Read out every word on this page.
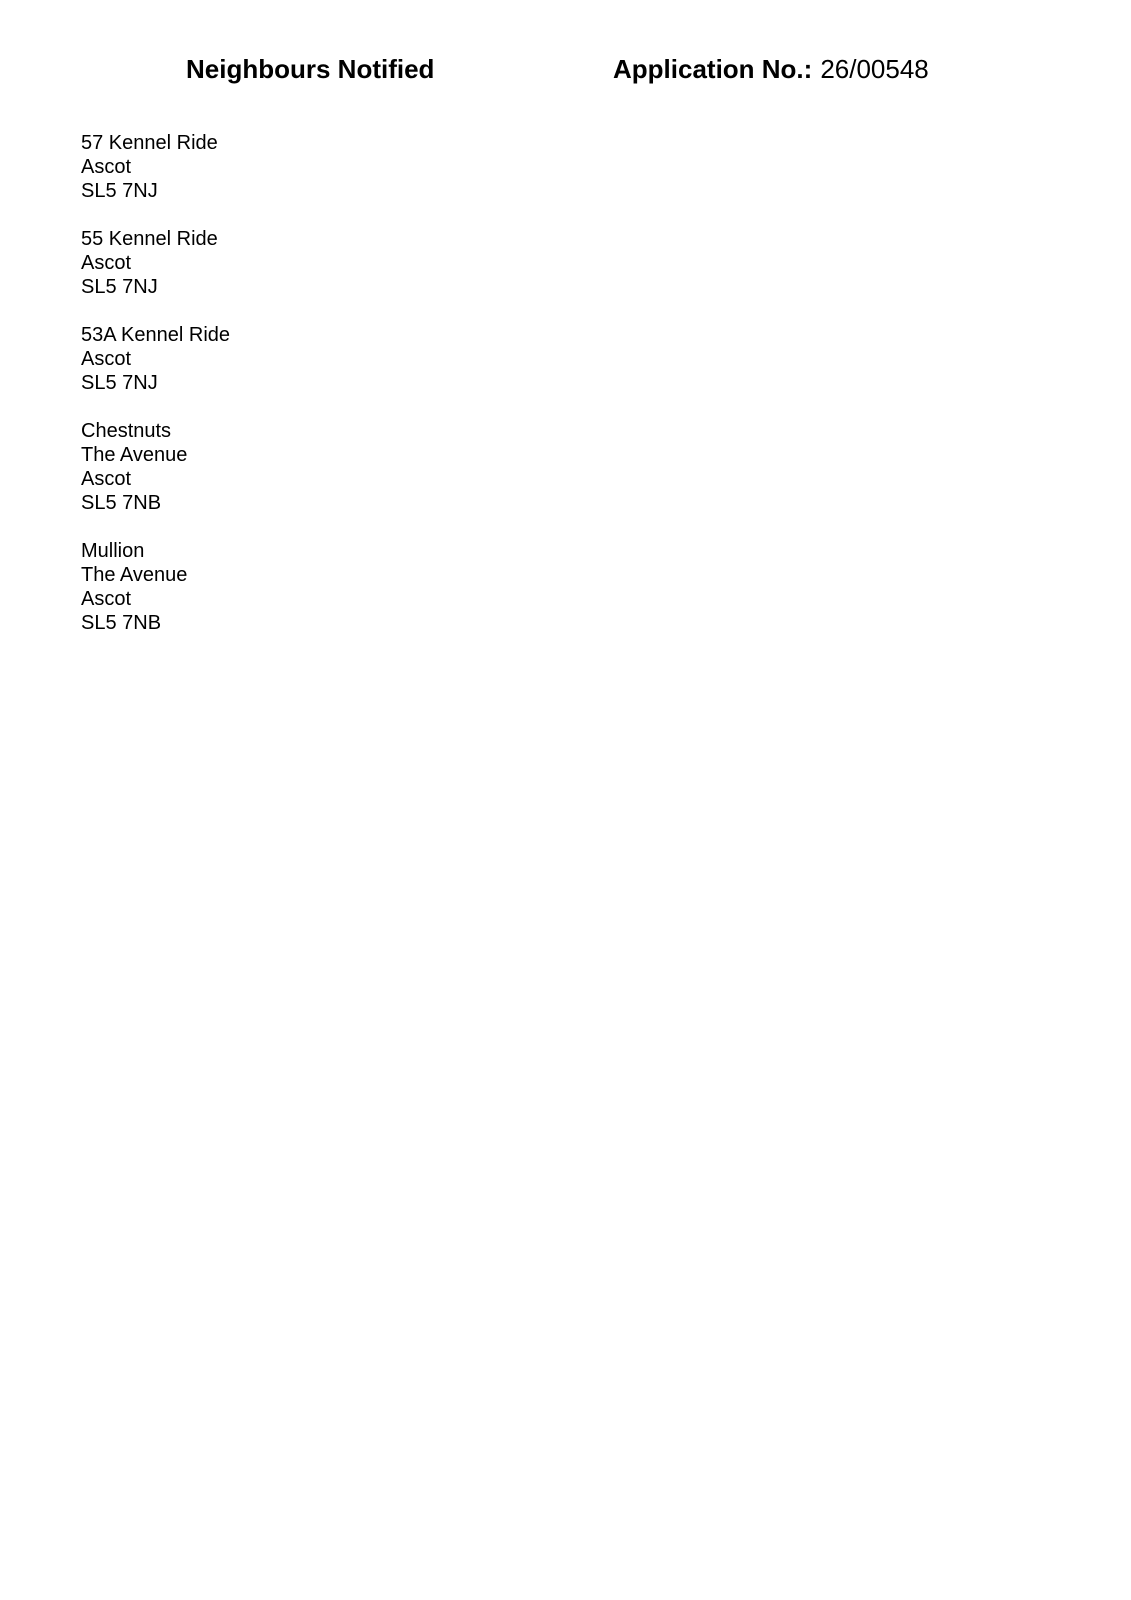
Neighbours Notified	Application No.: 26/00548
57 Kennel Ride
Ascot
SL5 7NJ
55 Kennel Ride
Ascot
SL5 7NJ
53A Kennel Ride
Ascot
SL5 7NJ
Chestnuts
The Avenue
Ascot
SL5 7NB
Mullion
The Avenue
Ascot
SL5 7NB
